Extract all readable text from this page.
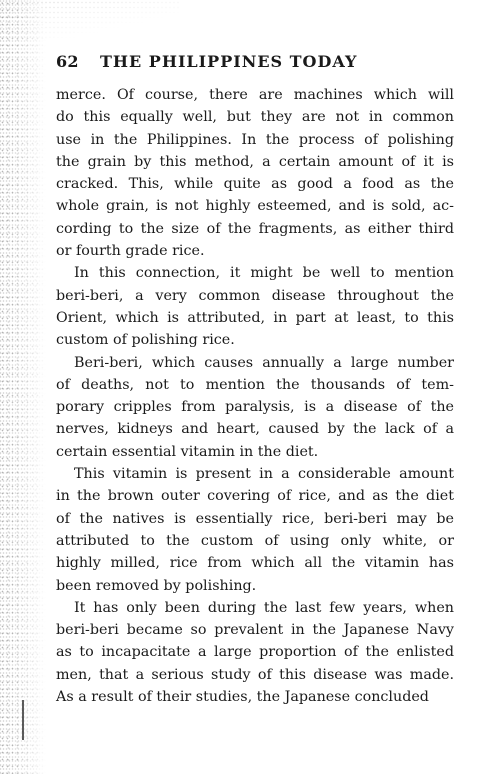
62 THE PHILIPPINES TODAY
merce. Of course, there are machines which will
do this equally well, but they are not in common
use in the Philippines. In the process of polishing
the grain by this method, a certain amount of it is
cracked. This, while quite as good a food as the
whole grain, is not highly esteemed, and is sold, ac-
cording to the size of the fragments, as either third
or fourth grade rice.
In this connection, it might be well to mention
beri-beri, a very common disease throughout the
Orient, which is attributed, in part at least, to this
custom of polishing rice.
Beri-beri, which causes annually a large number
of deaths, not to mention the thousands of tem-
porary cripples from paralysis, is a disease of the
nerves, kidneys and heart, caused by the lack of a
certain essential vitamin in the diet.
This vitamin is present in a considerable amount
in the brown outer covering of rice, and as the diet
of the natives is essentially rice, beri-beri may be
attributed to the custom of using only white, or
highly milled, rice from which all the vitamin has
been removed by polishing.
It has only been during the last few years, when
beri-beri became so prevalent in the Japanese Navy
as to incapacitate a large proportion of the enlisted
men, that a serious study of this disease was made.
As a result of their studies, the Japanese concluded
